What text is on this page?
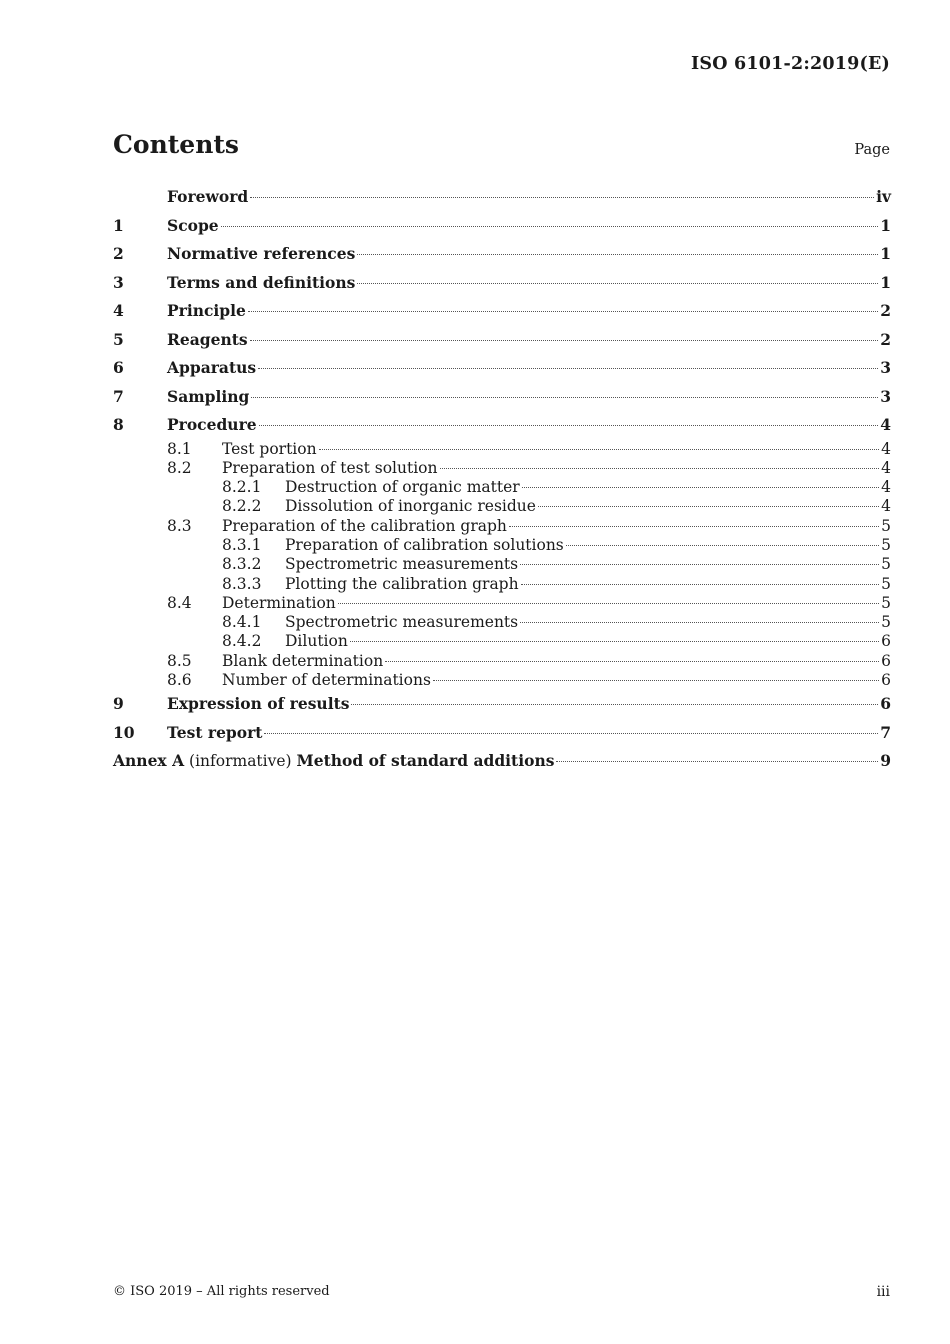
ISO 6101-2:2019(E)
Contents	Page
Foreword	iv
1	Scope	1
2	Normative references	1
3	Terms and definitions	1
4	Principle	2
5	Reagents	2
6	Apparatus	3
7	Sampling	3
8	Procedure	4
8.1	Test portion	4
8.2	Preparation of test solution	4
8.2.1	Destruction of organic matter	4
8.2.2	Dissolution of inorganic residue	4
8.3	Preparation of the calibration graph	5
8.3.1	Preparation of calibration solutions	5
8.3.2	Spectrometric measurements	5
8.3.3	Plotting the calibration graph	5
8.4	Determination	5
8.4.1	Spectrometric measurements	5
8.4.2	Dilution	6
8.5	Blank determination	6
8.6	Number of determinations	6
9	Expression of results	6
10	Test report	7
Annex A
(informative)
Method of standard additions	9
© ISO 2019 – All rights reserved	iii
